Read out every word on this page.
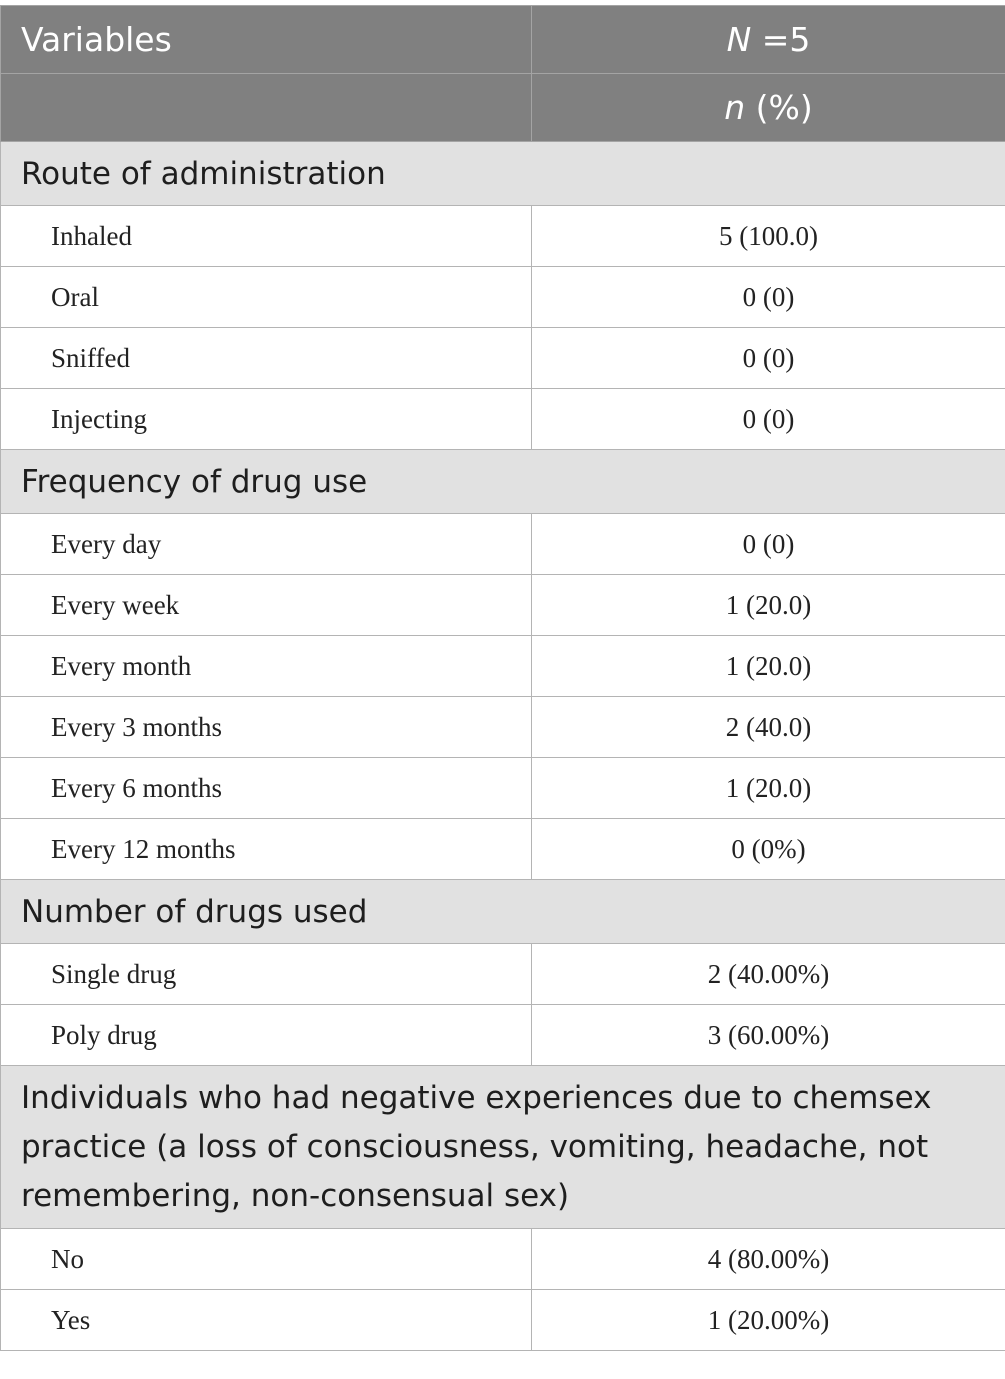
Variables	N =5
	n (%)
Route of administration	
Inhaled	5 (100.0)
Oral	0 (0)
Sniffed	0 (0)
Injecting	0 (0)
Frequency of drug use	
Every day	0 (0)
Every week	1 (20.0)
Every month	1 (20.0)
Every 3 months	2 (40.0)
Every 6 months	1 (20.0)
Every 12 months	0 (0%)
Number of drugs used	
Single drug	2 (40.00%)
Poly drug	3 (60.00%)
Individuals who had negative experiences due to chemsex practice (a loss of consciousness, vomiting, headache, not remembering, non-consensual sex)	
No	4 (80.00%)
Yes	1 (20.00%)
